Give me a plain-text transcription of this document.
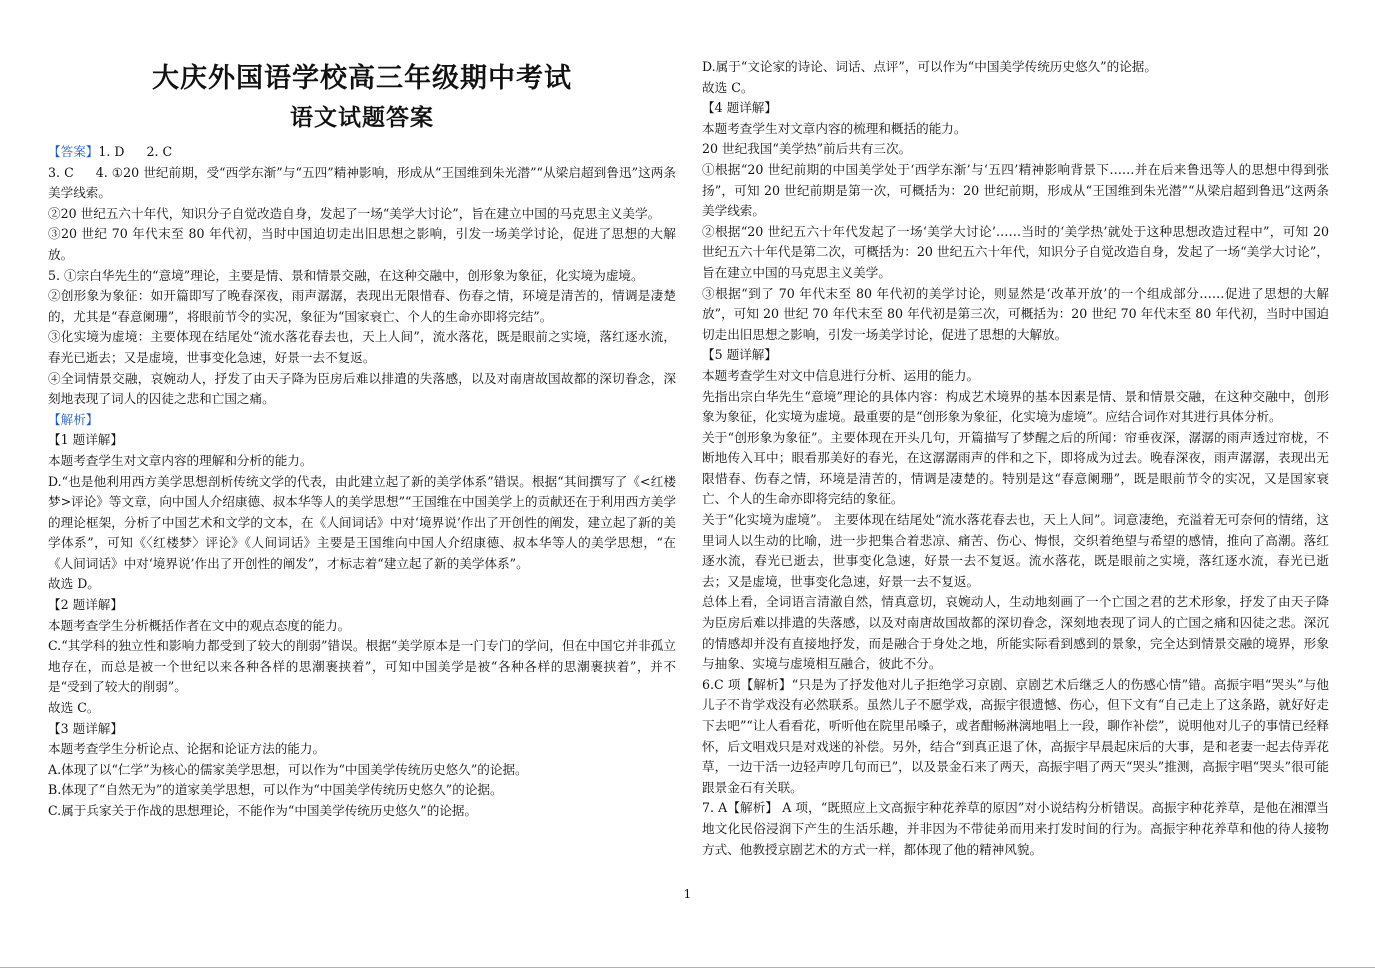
大庆外国语学校高三年级期中考试
语文试题答案

【答案】1. D 2. C

3. C 4. ①20 世纪前期，受“西学东渐”与“五四”精神影响，形成从“王国维到朱光潜”“从梁启超到鲁迅”这两条美学线索。

②20 世纪五六十年代，知识分子自觉改造自身，发起了一场“美学大讨论”，旨在建立中国的马克思主义美学。

③20 世纪 70 年代末至 80 年代初，当时中国迫切走出旧思想之影响，引发一场美学讨论，促进了思想的大解放。

5. ①宗白华先生的“意境”理论，主要是情、景和情景交融，在这种交融中，创形象为象征，化实境为虚境。

②创形象为象征：如开篇即写了晚春深夜，雨声潺潺，表现出无限惜春、伤春之情，环境是清苦的，情调是凄楚的，尤其是“春意阑珊”，将眼前节令的实况，象征为“国家衰亡、个人的生命亦即将完结”。

③化实境为虚境：主要体现在结尾处“流水落花春去也，天上人间”，流水落花，既是眼前之实境，落红逐水流，春光已逝去；又是虚境，世事变化急速，好景一去不复返。

④全词情景交融，哀婉动人，抒发了由天子降为臣房后难以排遣的失落感，以及对南唐故国故都的深切眷念，深刻地表现了词人的囚徒之悲和亡国之痛。

【解析】

【1 题详解】

本题考查学生对文章内容的理解和分析的能力。

D.“也是他利用西方美学思想剖析传统文学的代表，由此建立起了新的美学体系”错误。根据“其间撰写了《<红楼梦>评论》等文章，向中国人介绍康德、叔本华等人的美学思想”“王国维在中国美学上的贡献还在于利用西方美学的理论框架，分析了中国艺术和文学的文本，在《人间词话》中对‘境界说’作出了开创性的阐发，建立起了新的美学体系”，可知《〈红楼梦〉评论》《人间词话》主要是王国维向中国人介绍康德、叔本华等人的美学思想，“在《人间词话》中对‘境界说’作出了开创性的阐发”，才标志着“建立起了新的美学体系”。

故选 D。

【2 题详解】

本题考查学生分析概括作者在文中的观点态度的能力。

C.“其学科的独立性和影响力都受到了较大的削弱”错误。根据“美学原本是一门专门的学问，但在中国它并非孤立地存在，而总是被一个世纪以来各种各样的思潮裹挟着”，可知中国美学是被“各种各样的思潮裹挟着”，并不是“受到了较大的削弱”。

故选 C。

【3 题详解】

本题考查学生分析论点、论据和论证方法的能力。

A.体现了以“仁学”为核心的儒家美学思想，可以作为“中国美学传统历史悠久”的论据。

B.体现了“自然无为”的道家美学思想，可以作为“中国美学传统历史悠久”的论据。

C.属于兵家关于作战的思想理论，不能作为“中国美学传统历史悠久”的论据。

D.属于“文论家的诗论、词话、点评”，可以作为“中国美学传统历史悠久”的论据。

故选 C。

【4 题详解】

本题考查学生对文章内容的梳理和概括的能力。

20 世纪我国“美学热”前后共有三次。

①根据“20 世纪前期的中国美学处于‘西学东渐’与‘五四’精神影响背景下……并在后来鲁迅等人的思想中得到张扬”，可知 20 世纪前期是第一次，可概括为：20 世纪前期，形成从“王国维到朱光潜”“从梁启超到鲁迅”这两条美学线索。

②根据“20 世纪五六十年代发起了一场‘美学大讨论’……当时的‘美学热’就处于这种思想改造过程中”，可知 20 世纪五六十年代是第二次，可概括为：20 世纪五六十年代，知识分子自觉改造自身，发起了一场“美学大讨论”，旨在建立中国的马克思主义美学。

③根据“到了 70 年代末至 80 年代初的美学讨论，则显然是‘改革开放’的一个组成部分……促进了思想的大解放”，可知 20 世纪 70 年代末至 80 年代初是第三次，可概括为：20 世纪 70 年代末至 80 年代初，当时中国迫切走出旧思想之影响，引发一场美学讨论，促进了思想的大解放。

【5 题详解】

本题考查学生对文中信息进行分析、运用的能力。

先指出宗白华先生“意境”理论的具体内容：构成艺术境界的基本因素是情、景和情景交融，在这种交融中，创形象为象征，化实境为虚境。最重要的是“创形象为象征，化实境为虚境”。应结合词作对其进行具体分析。

关于“创形象为象征”。主要体现在开头几句，开篇描写了梦醒之后的所闻：帘垂夜深，潺潺的雨声透过帘栊，不断地传入耳中；眼看那美好的春光，在这潺潺雨声的伴和之下，即将成为过去。晚春深夜，雨声潺潺，表现出无限惜春、伤春之情，环境是清苦的，情调是凄楚的。特别是这“春意阑珊”，既是眼前节令的实况，又是国家衰亡、个人的生命亦即将完结的象征。

关于“化实境为虚境”。 主要体现在结尾处“流水落花春去也，天上人间”。词意凄绝，充溢着无可奈何的情绪，这里词人以生动的比喻，进一步把集合着悲凉、痛苦、伤心、悔恨，交织着绝望与希望的感情，推向了高潮。落红逐水流，春光已逝去，世事变化急速，好景一去不复返。流水落花，既是眼前之实境，落红逐水流，春光已逝去；又是虚境，世事变化急速，好景一去不复返。

总体上看，全词语言清澈自然，情真意切，哀婉动人，生动地刻画了一个亡国之君的艺术形象，抒发了由天子降为臣房后难以排遣的失落感，以及对南唐故国故都的深切眷念，深刻地表现了词人的亡国之痛和囚徒之悲。深沉的情感却并没有直接地抒发，而是融合于身处之地，所能实际看到感到的景象，完全达到情景交融的境界，形象与抽象、实境与虚境相互融合，彼此不分。

6.C 项【解析】“只是为了抒发他对儿子拒绝学习京剧、京剧艺术后继乏人的伤感心情”错。高振宇唱“哭头”与他儿子不肯学戏没有必然联系。虽然儿子不愿学戏，高振宇很遗憾、伤心，但下文有“自己走上了这条路，就好好走下去吧”“让人看看花，听听他在院里吊嗓子，或者酣畅淋漓地唱上一段，聊作补偿”，说明他对儿子的事情已经释怀，后文唱戏只是对戏迷的补偿。另外，结合“到真正退了休，高振宇早晨起床后的大事，是和老妻一起去侍弄花草，一边干活一边轻声哼几句而已”，以及景金石来了两天，高振宇唱了两天“哭头”推测，高振宇唱“哭头”很可能跟景金石有关联。

7. A【解析】 A 项，“既照应上文高振宇种花养草的原因”对小说结构分析错误。高振宇种花养草，是他在湘潭当地文化民俗浸润下产生的生活乐趣，并非因为不带徒弟而用来打发时间的行为。高振宇种花养草和他的待人接物方式、他教授京剧艺术的方式一样，都体现了他的精神风貌。

1
